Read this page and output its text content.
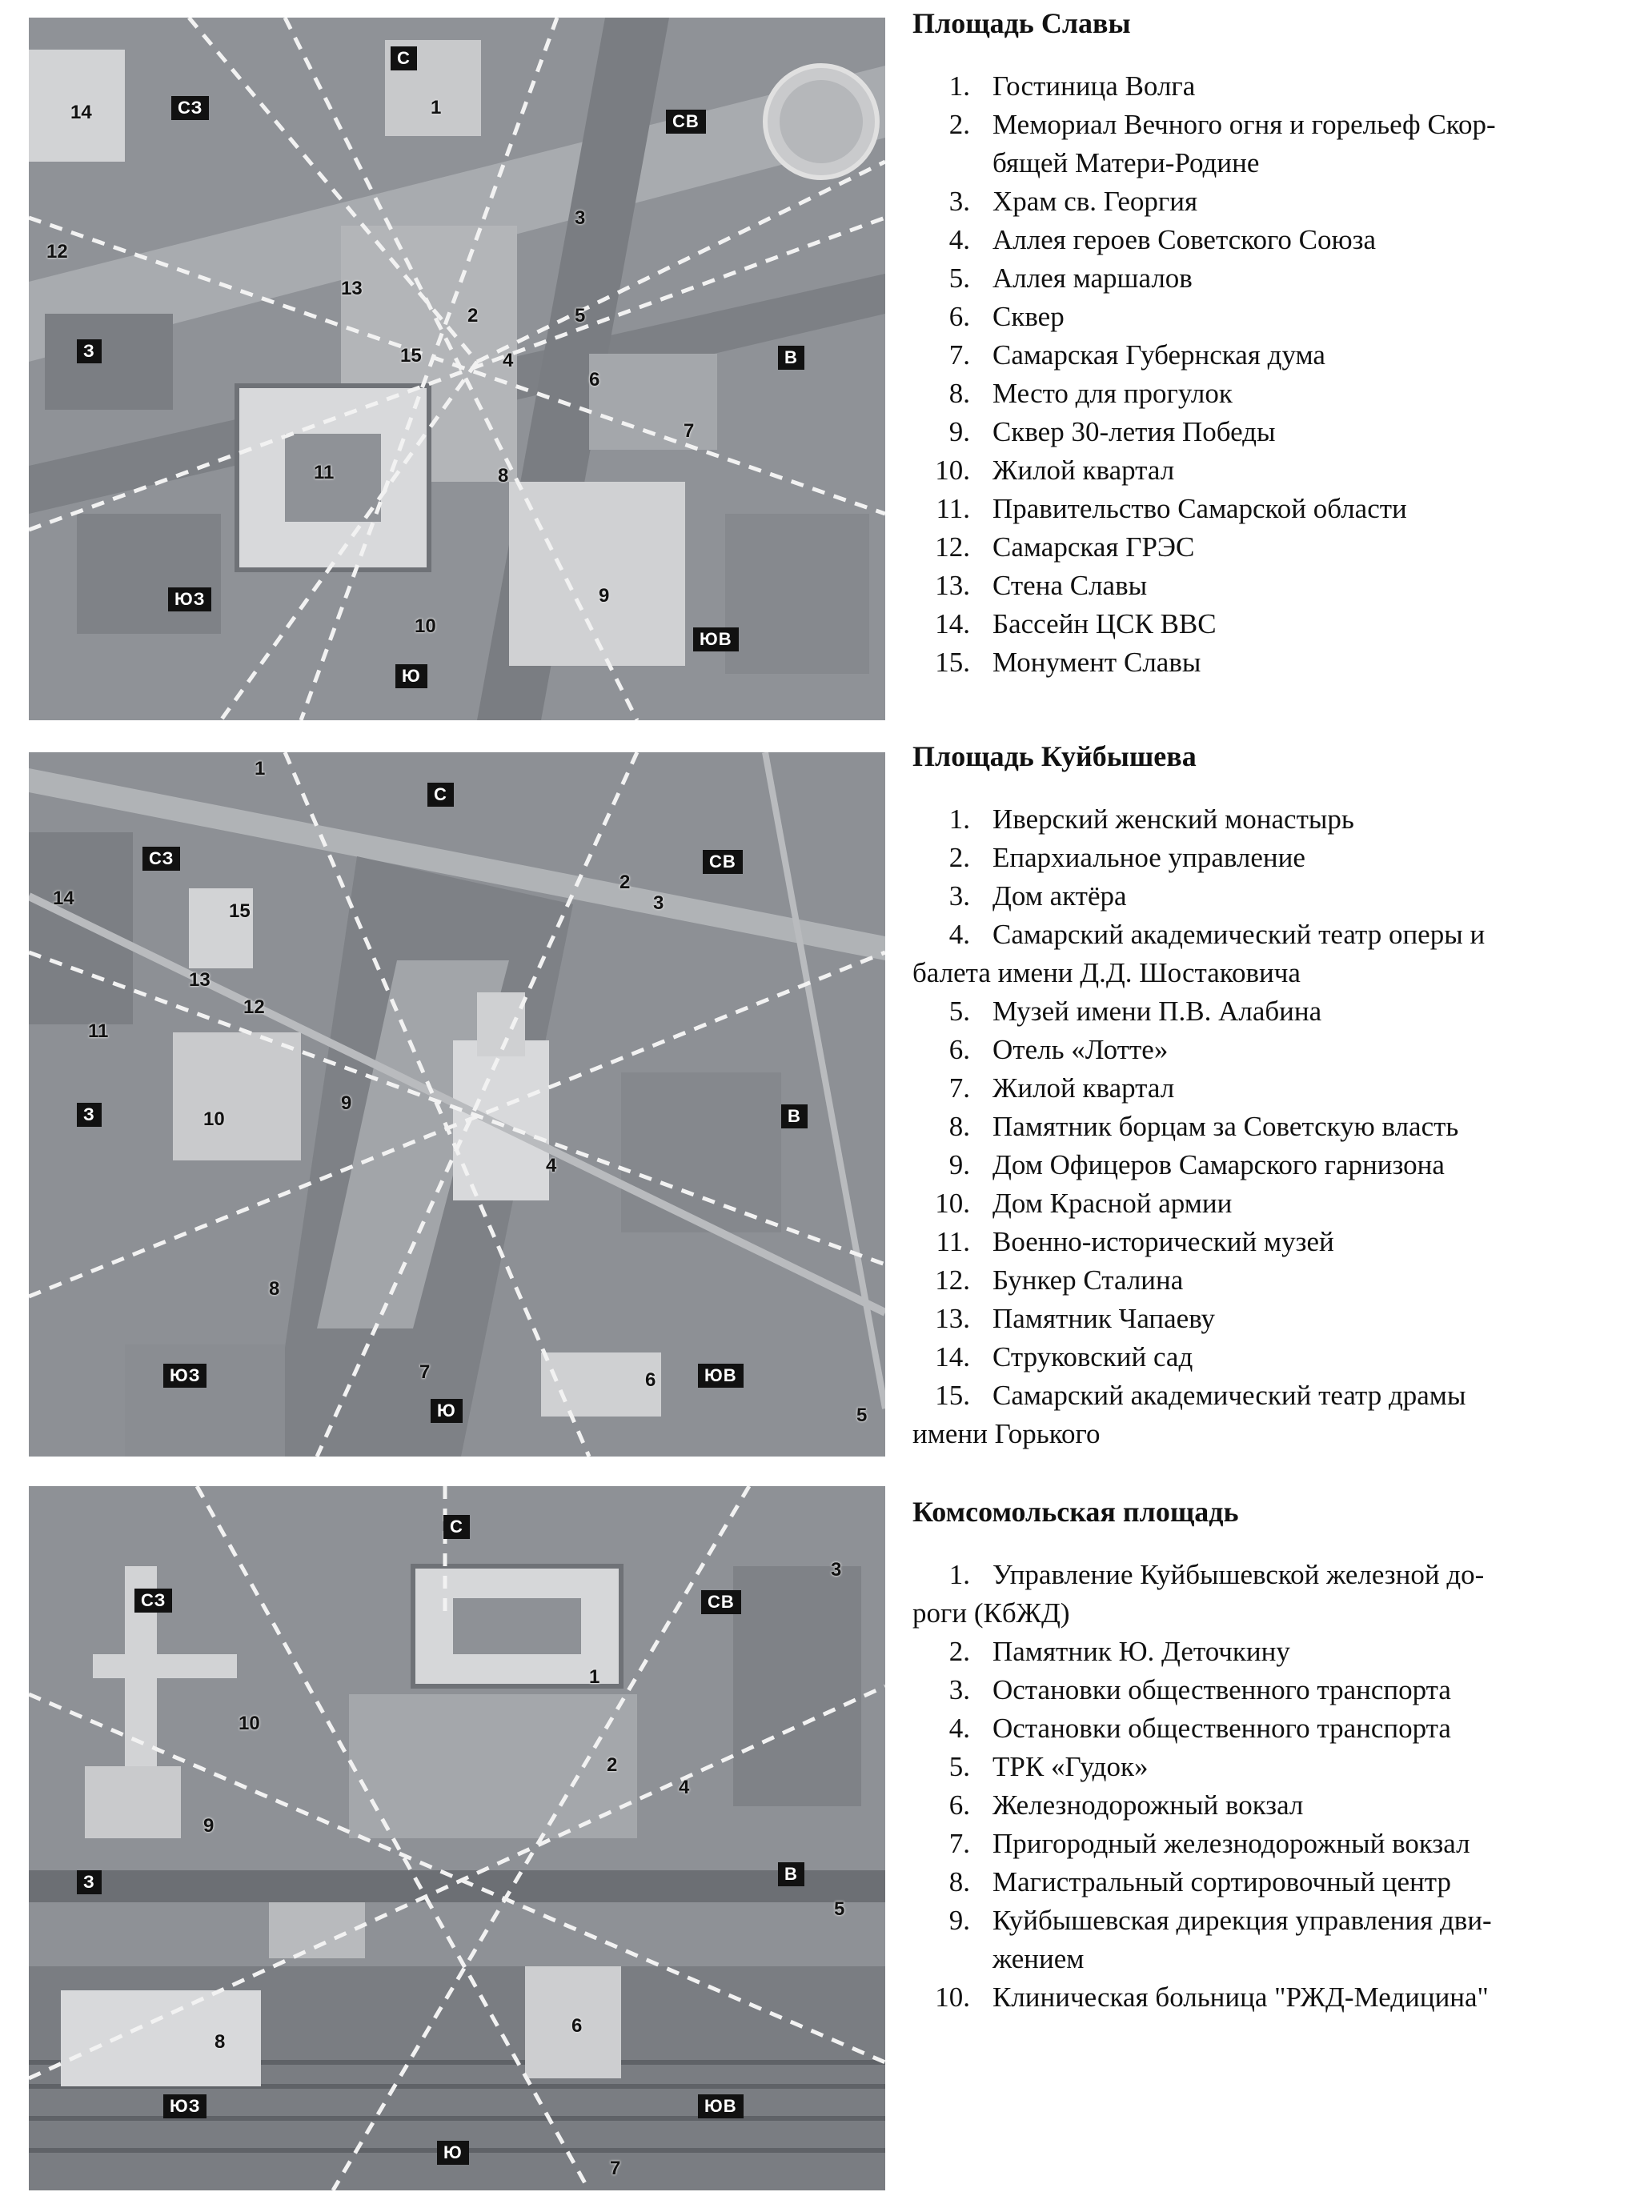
С
СЗ
СВ
З	В
ЮЗ
Ю
ЮВ
1
2
3
4
5
6
7
8
9
10
11
12
13
14
15
Площадь Славы
1. Гостиница Волга
2. Мемориал Вечного огня и горельеф Скор-
бящей Матери-Родине
3. Храм св. Георгия
4. Аллея героев Советского Союза
5. Аллея маршалов
6. Сквер
7. Самарская Губернская дума
8. Место для прогулок
9. Сквер 30-летия Победы
10. Жилой квартал
11. Правительство Самарской области
12. Самарская ГРЭС
13. Стена Славы
14. Бассейн ЦСК ВВС
15. Монумент Славы
С
СЗ	СВ
З	В
ЮЗ
Ю
ЮВ
1
2
3
4
5
6
7
8
9
10
11
12
13
14
15
Площадь Куйбышева
1. Иверский женский монастырь
2. Епархиальное управление
3. Дом актёра
4. Самарский академический театр оперы и
балета имени Д.Д. Шостаковича
5. Музей имени П.В. Алабина
6. Отель «Лотте»
7. Жилой квартал
8. Памятник борцам за Советскую власть
9. Дом Офицеров Самарского гарнизона
10. Дом Красной армии
11. Военно-исторический музей
12. Бункер Сталина
13. Памятник Чапаеву
14. Струковский сад
15. Самарский академический театр драмы
имени Горького
С
СЗ	СВ
З	В
ЮЗ
Ю
ЮВ
1
2
3
4
5
6
7
8
9
10
Комсомольская площадь
1. Управление Куйбышевской железной до-
роги (КбЖД)
2. Памятник Ю. Деточкину
3. Остановки общественного транспорта
4. Остановки общественного транспорта
5. ТРК «Гудок»
6. Железнодорожный вокзал
7. Пригородный железнодорожный вокзал
8. Магистральный сортировочный центр
9. Куйбышевская дирекция управления дви-
жением
10. Клиническая больница "РЖД-Медицина"
